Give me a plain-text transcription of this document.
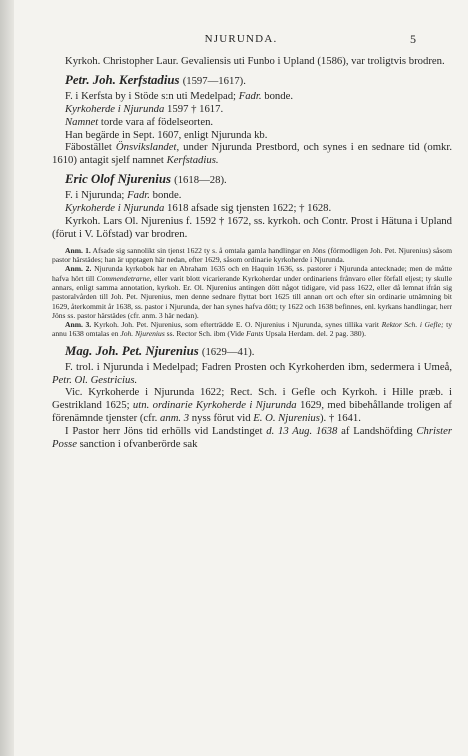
NJURUNDA.	5

Kyrkoh. Christopher Laur. Gevaliensis uti Funbo i Upland (1586), var troligtvis brodren.

Petr. Joh. Kerfstadius (1597—1617).

F. i Kerfsta by i Stöde s:n uti Medelpad; Fadr. bonde.

Kyrkoherde i Njurunda 1597 † 1617.

Namnet torde vara af födelseorten.

Han begärde in Sept. 1607, enligt Njurunda kb.

Fäbostället Önsvikslandet, under Njurunda Prestbord, och synes i en sednare tid (omkr. 1610) antagit sjelf namnet Kerfstadius.

Eric Olof Njurenius (1618—28).

F. i Njurunda; Fadr. bonde.

Kyrkoherde i Njurunda 1618 afsade sig tjensten 1622; † 1628.

Kyrkoh. Lars Ol. Njurenius f. 1592 † 1672, ss. kyrkoh. och Contr. Prost i Hätuna i Upland (förut i V. Löfstad) var brodren.

Anm. 1. Afsade sig sannolikt sin tjenst 1622 ty s. å omtala gamla handlingar en Jöns (förmodligen Joh. Pet. Njurenius) såsom pastor härstädes; han är upptagen här nedan, efter 1629, såsom ordinarie kyrkoherde i Njurunda.

Anm. 2. Njurunda kyrkobok har en Abraham 1635 och en Haquin 1636, ss. pastorer i Njurunda antecknade; men de måtte hafva hört till Commendetrarne, eller varit blott vicarierande Kyrkoherdar under ordinariens frånvaro eller förfall eljest; ty skulle annars, enligt samma annotation, kyrkoh. Er. Ol. Njurenius antingen dött något tidigare, vid pass 1622, eller då lemnat ifrån sig pastoralvården till Joh. Pet. Njurenius, men denne sednare flyttat bort 1625 till annan ort och efter sin ordinarie utnämning bit 1629, återkommit år 1638, ss. pastor i Njurunda, der han synes hafva dött; ty 1622 och 1638 befinnes, enl. kyrkans handlingar, herr Jöns ss. pastor härstädes (cfr. anm. 3 här nedan).

Anm. 3. Kyrkoh. Joh. Pet. Njurenius, som efterträdde E. O. Njurenius i Njurunda, synes tillika varit Rektor Sch. i Gefle; ty annu 1638 omtalas en Joh. Njurenius ss. Rector Sch. ibm (Vide Fants Upsala Herdam. del. 2 pag. 380).

Mag. Joh. Pet. Njurenius (1629—41).

F. trol. i Njurunda i Medelpad; Fadren Prosten och Kyrkoherden ibm, sedermera i Umeå, Petr. Ol. Gestricius.

Vic. Kyrkoherde i Njurunda 1622; Rect. Sch. i Gefle och Kyrkoh. i Hille præb. i Gestrikland 1625; utn. ordinarie Kyrkoherde i Njurunda 1629, med bibehållande troligen af förenämnde tjenster (cfr. anm. 3 nyss förut vid E. O. Njurenius). † 1641.

I Pastor herr Jöns tid erhölls vid Landstinget d. 13 Aug. 1638 af Landshöfding Christer Posse sanction i ofvanberörde sak
